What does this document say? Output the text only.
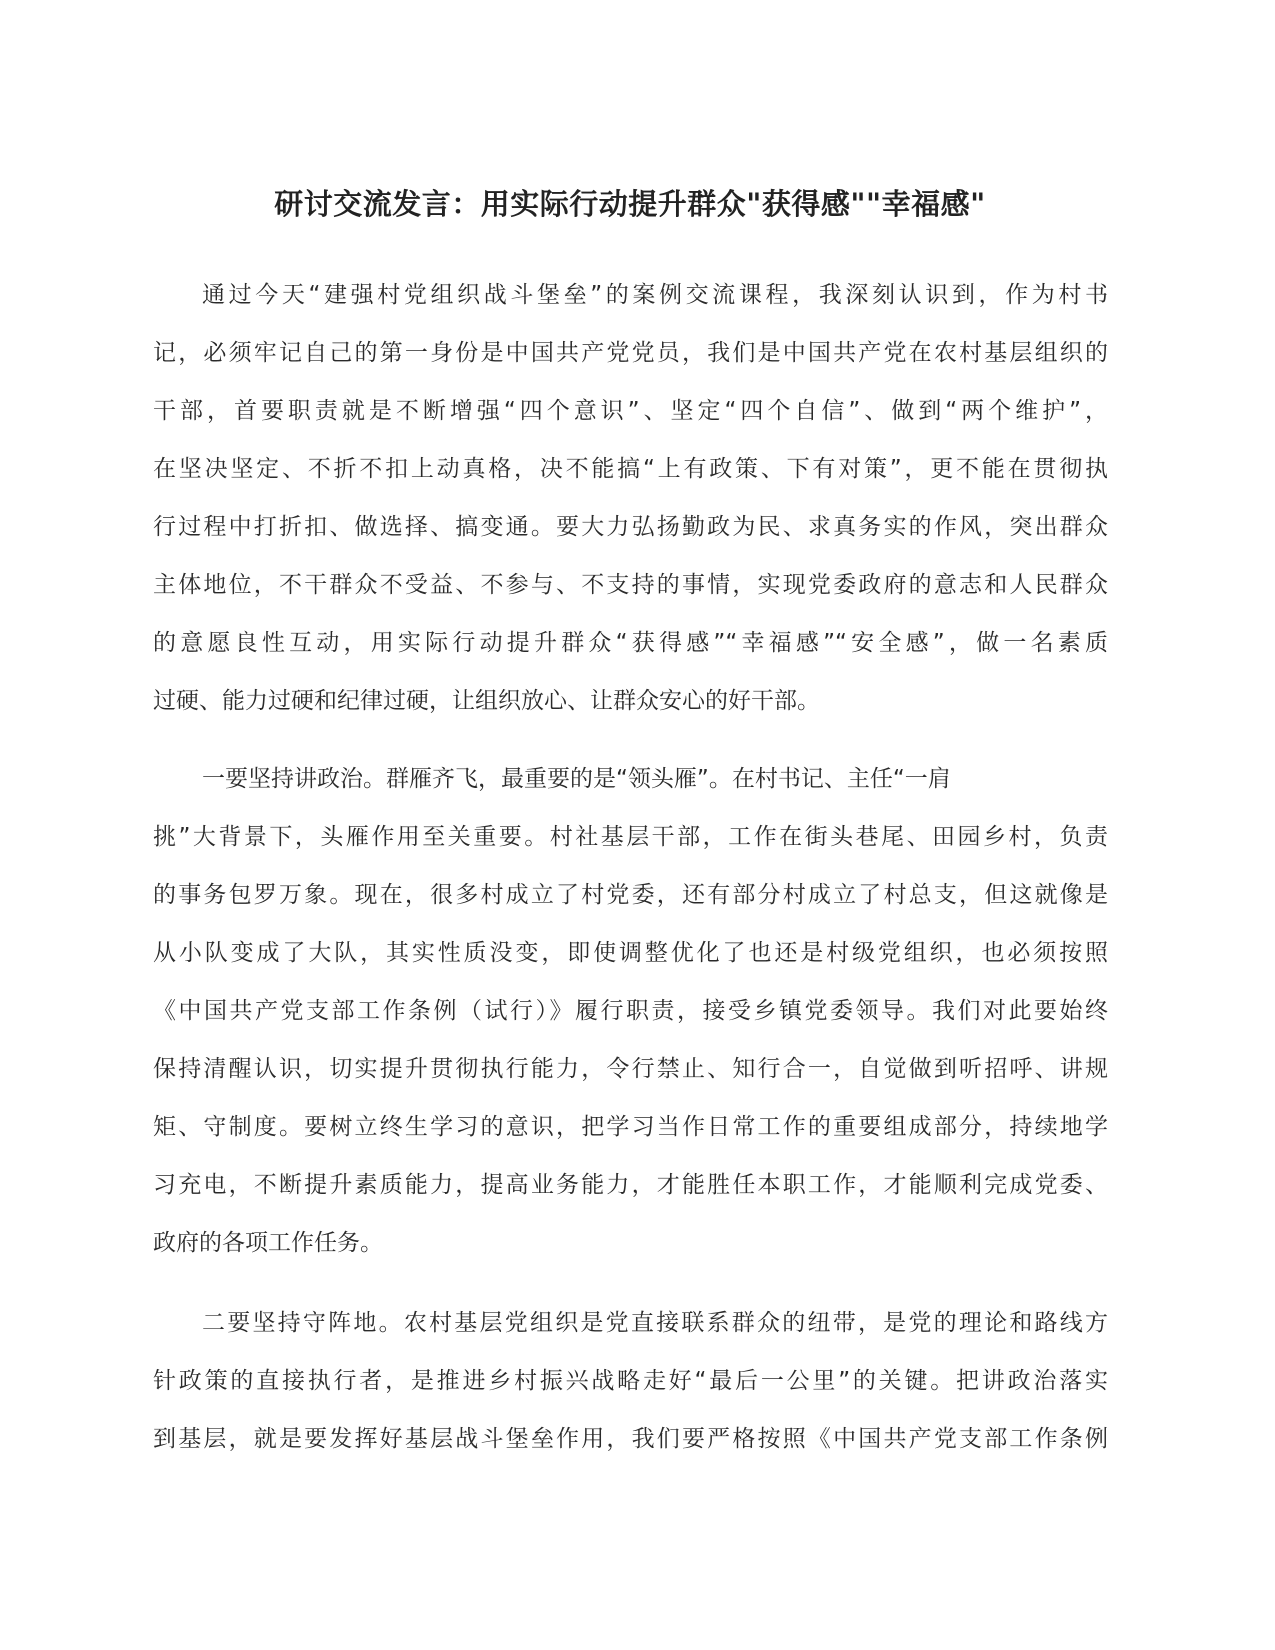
研讨交流发言：用实际行动提升群众"获得感""幸福感"
通过今天“建强村党组织战斗堡垒”的案例交流课程，我深刻认识到，作为村书
记，必须牢记自己的第一身份是中国共产党党员，我们是中国共产党在农村基层组织的
干部，首要职责就是不断增强“四个意识”、坚定“四个自信”、做到“两个维护”，
在坚决坚定、不折不扣上动真格，决不能搞“上有政策、下有对策”，更不能在贯彻执
行过程中打折扣、做选择、搞变通。要大力弘扬勤政为民、求真务实的作风，突出群众
主体地位，不干群众不受益、不参与、不支持的事情，实现党委政府的意志和人民群众
的意愿良性互动，用实际行动提升群众“获得感”“幸福感”“安全感”，做一名素质
过硬、能力过硬和纪律过硬，让组织放心、让群众安心的好干部。
一要坚持讲政治。群雁齐飞，最重要的是“领头雁”。在村书记、主任“一肩
挑”大背景下，头雁作用至关重要。村社基层干部，工作在街头巷尾、田园乡村，负责
的事务包罗万象。现在，很多村成立了村党委，还有部分村成立了村总支，但这就像是
从小队变成了大队，其实性质没变，即使调整优化了也还是村级党组织，也必须按照
《中国共产党支部工作条例（试行）》履行职责，接受乡镇党委领导。我们对此要始终
保持清醒认识，切实提升贯彻执行能力，令行禁止、知行合一，自觉做到听招呼、讲规
矩、守制度。要树立终生学习的意识，把学习当作日常工作的重要组成部分，持续地学
习充电，不断提升素质能力，提高业务能力，才能胜任本职工作，才能顺利完成党委、
政府的各项工作任务。
二要坚持守阵地。农村基层党组织是党直接联系群众的纽带，是党的理论和路线方
针政策的直接执行者，是推进乡村振兴战略走好“最后一公里”的关键。把讲政治落实
到基层，就是要发挥好基层战斗堡垒作用，我们要严格按照《中国共产党支部工作条例
